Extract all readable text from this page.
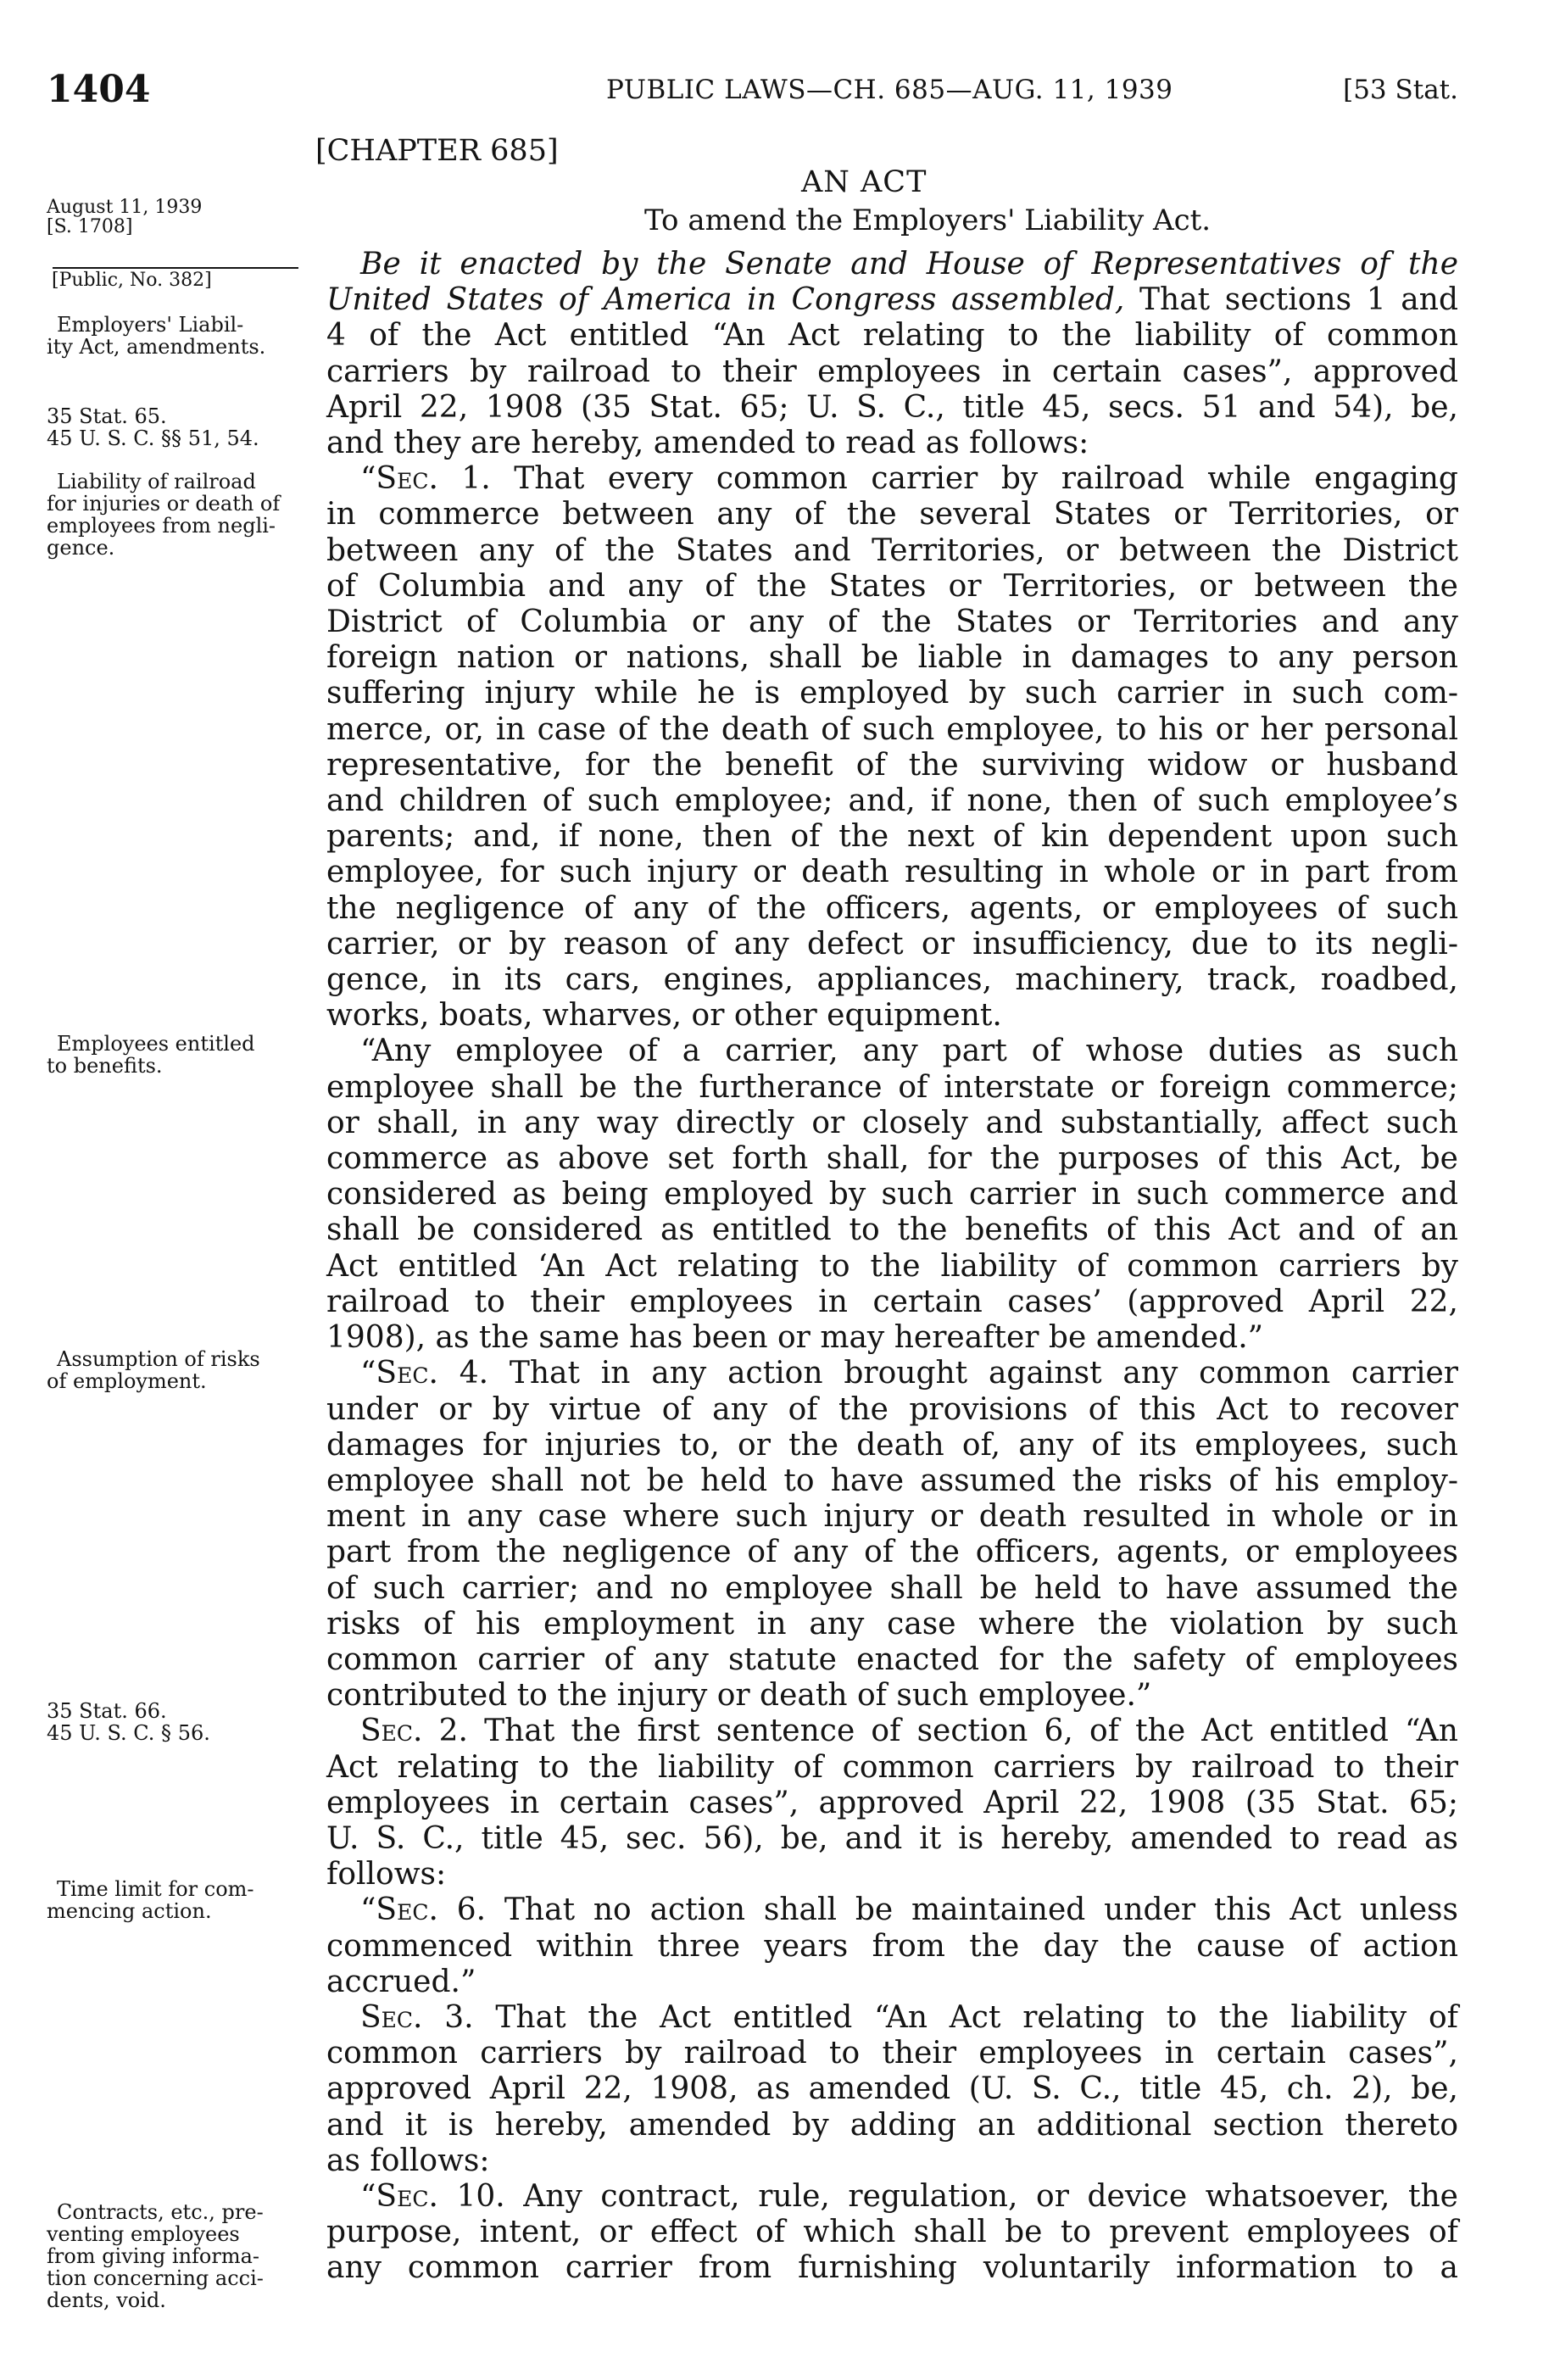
1404	PUBLIC LAWS—CH. 685—AUG. 11, 1939	[53 Stat.
August 11, 1939
[S. 1708]
[Public, No. 382]
Employers' Liabil-
ity Act, amendments.
35 Stat. 65.
45 U. S. C. §§ 51, 54.
Liability of railroad
for injuries or death of
employees from negli-
gence.
Employees entitled
to benefits.
Assumption of risks
of employment.
35 Stat. 66.
45 U. S. C. § 56.
Time limit for com-
mencing action.
Contracts, etc., pre-
venting employees
from giving informa-
tion concerning acci-
dents, void.
[CHAPTER 685]
AN ACT
To amend the Employers' Liability Act.
Be it enacted by the Senate and House of Representatives of the
United States of America in Congress assembled, That sections 1 and
4 of the Act entitled “An Act relating to the liability of common
carriers by railroad to their employees in certain cases”, approved
April 22, 1908 (35 Stat. 65; U. S. C., title 45, secs. 51 and 54), be,
and they are hereby, amended to read as follows:
“Sec. 1. That every common carrier by railroad while engaging
in commerce between any of the several States or Territories, or
between any of the States and Territories, or between the District
of Columbia and any of the States or Territories, or between the
District of Columbia or any of the States or Territories and any
foreign nation or nations, shall be liable in damages to any person
suffering injury while he is employed by such carrier in such com-
merce, or, in case of the death of such employee, to his or her personal
representative, for the benefit of the surviving widow or husband
and children of such employee; and, if none, then of such employee’s
parents; and, if none, then of the next of kin dependent upon such
employee, for such injury or death resulting in whole or in part from
the negligence of any of the officers, agents, or employees of such
carrier, or by reason of any defect or insufficiency, due to its negli-
gence, in its cars, engines, appliances, machinery, track, roadbed,
works, boats, wharves, or other equipment.
“Any employee of a carrier, any part of whose duties as such
employee shall be the furtherance of interstate or foreign commerce;
or shall, in any way directly or closely and substantially, affect such
commerce as above set forth shall, for the purposes of this Act, be
considered as being employed by such carrier in such commerce and
shall be considered as entitled to the benefits of this Act and of an
Act entitled ‘An Act relating to the liability of common carriers by
railroad to their employees in certain cases’ (approved April 22,
1908), as the same has been or may hereafter be amended.”
“Sec. 4. That in any action brought against any common carrier
under or by virtue of any of the provisions of this Act to recover
damages for injuries to, or the death of, any of its employees, such
employee shall not be held to have assumed the risks of his employ-
ment in any case where such injury or death resulted in whole or in
part from the negligence of any of the officers, agents, or employees
of such carrier; and no employee shall be held to have assumed the
risks of his employment in any case where the violation by such
common carrier of any statute enacted for the safety of employees
contributed to the injury or death of such employee.”
Sec. 2. That the first sentence of section 6, of the Act entitled “An
Act relating to the liability of common carriers by railroad to their
employees in certain cases”, approved April 22, 1908 (35 Stat. 65;
U. S. C., title 45, sec. 56), be, and it is hereby, amended to read as
follows:
“Sec. 6. That no action shall be maintained under this Act unless
commenced within three years from the day the cause of action
accrued.”
Sec. 3. That the Act entitled “An Act relating to the liability of
common carriers by railroad to their employees in certain cases”,
approved April 22, 1908, as amended (U. S. C., title 45, ch. 2), be,
and it is hereby, amended by adding an additional section thereto
as follows:
“Sec. 10. Any contract, rule, regulation, or device whatsoever, the
purpose, intent, or effect of which shall be to prevent employees of
any common carrier from furnishing voluntarily information to a
